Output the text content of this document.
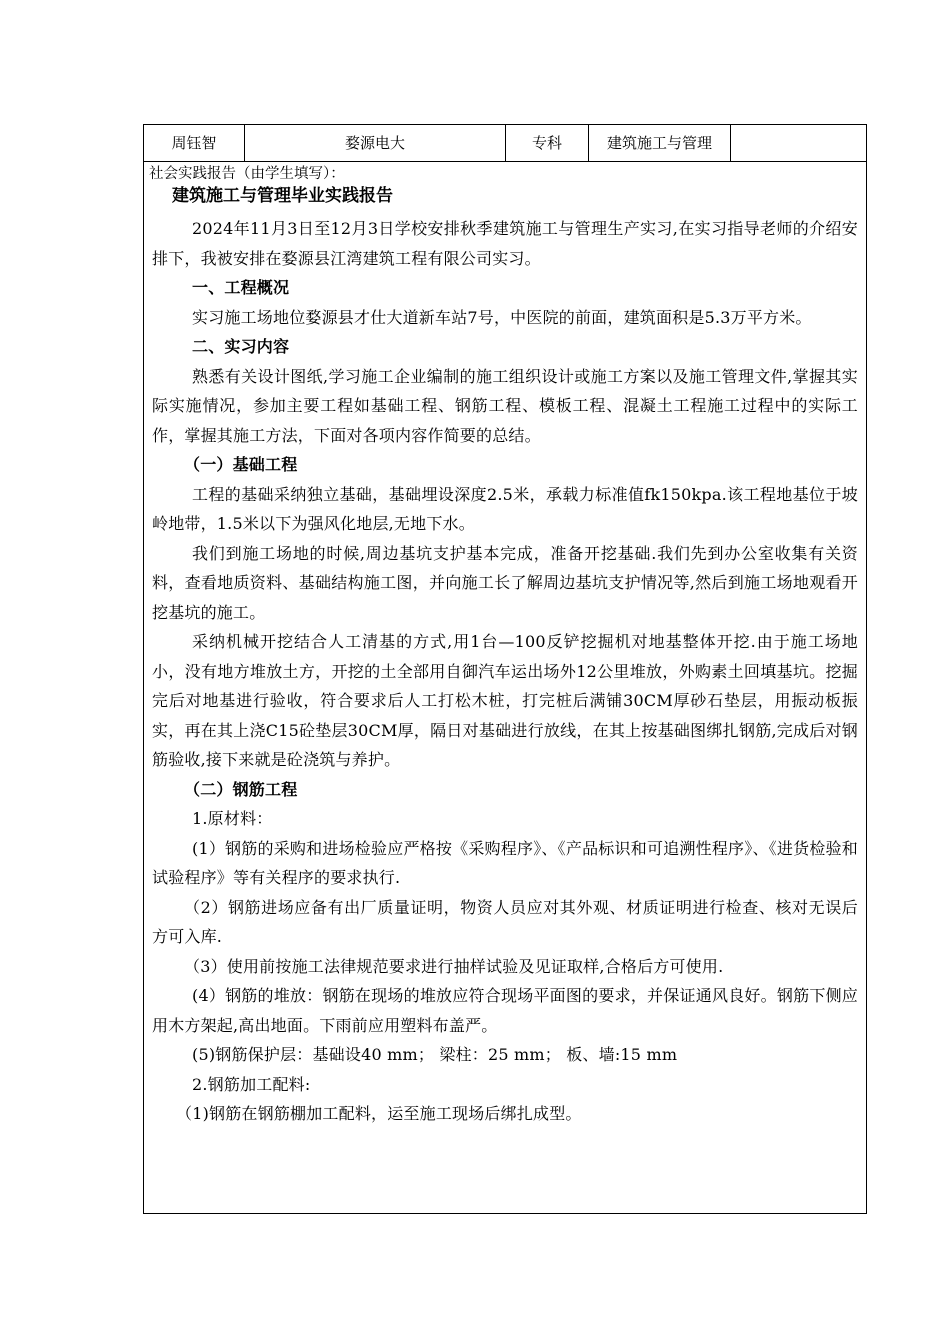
周钰智	婺源电大	专科	建筑施工与管理
社会实践报告（由学生填写）：
建筑施工与管理毕业实践报告

2024年11月3日至12月3日学校安排秋季建筑施工与管理生产实习,在实习指导老师的介绍安排下，我被安排在婺源县江湾建筑工程有限公司实习。

一、工程概况

实习施工场地位婺源县才仕大道新车站7号，中医院的前面，建筑面积是5.3万平方米。

二、实习内容

熟悉有关设计图纸,学习施工企业编制的施工组织设计或施工方案以及施工管理文件,掌握其实际实施情况，参加主要工程如基础工程、钢筋工程、模板工程、混凝土工程施工过程中的实际工作，掌握其施工方法，下面对各项内容作简要的总结。

（一）基础工程

工程的基础采纳独立基础，基础埋设深度2.5米，承载力标准值fk150kpa.该工程地基位于坡岭地带，1.5米以下为强风化地层,无地下水。

我们到施工场地的时候,周边基坑支护基本完成，准备开挖基础.我们先到办公室收集有关资料，查看地质资料、基础结构施工图，并向施工长了解周边基坑支护情况等,然后到施工场地观看开挖基坑的施工。

采纳机械开挖结合人工清基的方式,用1台—100反铲挖掘机对地基整体开挖.由于施工场地小，没有地方堆放土方，开挖的土全部用自御汽车运出场外12公里堆放，外购素土回填基坑。挖掘完后对地基进行验收，符合要求后人工打松木桩，打完桩后满铺30CM厚砂石垫层，用振动板振实，再在其上浇C15砼垫层30CM厚，隔日对基础进行放线，在其上按基础图绑扎钢筋,完成后对钢筋验收,接下来就是砼浇筑与养护。

（二）钢筋工程

1.原材料：

(1）钢筋的采购和进场检验应严格按《采购程序》、《产品标识和可追溯性程序》、《进货检验和试验程序》等有关程序的要求执行.

（2）钢筋进场应备有出厂质量证明，物资人员应对其外观、材质证明进行检查、核对无误后方可入库.

（3）使用前按施工法律规范要求进行抽样试验及见证取样,合格后方可使用.

(4）钢筋的堆放：钢筋在现场的堆放应符合现场平面图的要求，并保证通风良好。钢筋下侧应用木方架起,高出地面。下雨前应用塑料布盖严。

(5)钢筋保护层：基础设40 mm； 梁柱：25 mm； 板、墙:15 mm

2.钢筋加工配料:

（1)钢筋在钢筋棚加工配料，运至施工现场后绑扎成型。
